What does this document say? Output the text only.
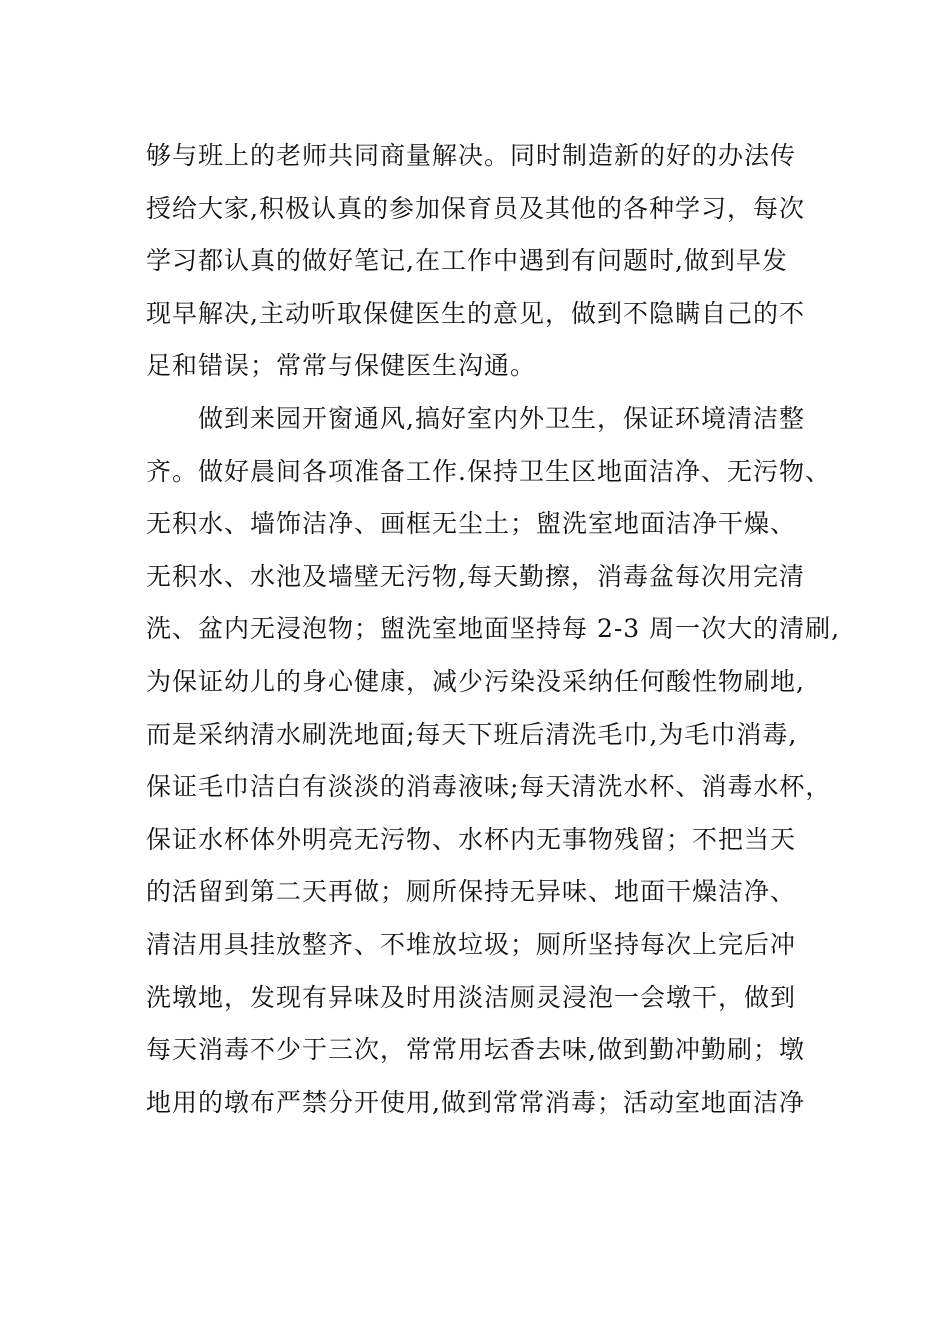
够与班上的老师共同商量解决。同时制造新的好的办法传
授给大家,积极认真的参加保育员及其他的各种学习，每次
学习都认真的做好笔记,在工作中遇到有问题时,做到早发
现早解决,主动听取保健医生的意见，做到不隐瞒自己的不
足和错误；常常与保健医生沟通。
　　做到来园开窗通风,搞好室内外卫生，保证环境清洁整
齐。做好晨间各项准备工作.保持卫生区地面洁净、无污物、
无积水、墙饰洁净、画框无尘土；盥洗室地面洁净干燥、
无积水、水池及墙壁无污物,每天勤擦，消毒盆每次用完清
洗、盆内无浸泡物；盥洗室地面坚持每 2-3 周一次大的清刷,
为保证幼儿的身心健康，减少污染没采纳任何酸性物刷地,
而是采纳清水刷洗地面;每天下班后清洗毛巾,为毛巾消毒,
保证毛巾洁白有淡淡的消毒液味;每天清洗水杯、消毒水杯，
保证水杯体外明亮无污物、水杯内无事物残留；不把当天
的活留到第二天再做；厕所保持无异味、地面干燥洁净、
清洁用具挂放整齐、不堆放垃圾；厕所坚持每次上完后冲
洗墩地，发现有异味及时用淡洁厕灵浸泡一会墩干，做到
每天消毒不少于三次，常常用坛香去味,做到勤冲勤刷；墩
地用的墩布严禁分开使用,做到常常消毒；活动室地面洁净
